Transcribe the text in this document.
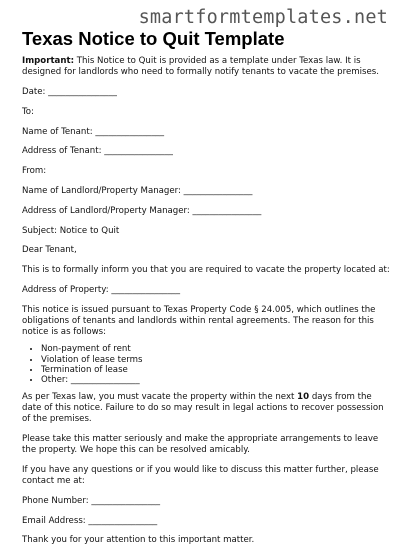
smartformtemplates.net
Texas Notice to Quit Template

Important: This Notice to Quit is provided as a template under Texas law. It is designed for landlords who need to formally notify tenants to vacate the premises.

Date: ________________

To:

Name of Tenant: ________________

Address of Tenant: ________________

From:

Name of Landlord/Property Manager: ________________

Address of Landlord/Property Manager: ________________

Subject: Notice to Quit

Dear Tenant,

This is to formally inform you that you are required to vacate the property located at:

Address of Property: ________________

This notice is issued pursuant to Texas Property Code § 24.005, which outlines the obligations of tenants and landlords within rental agreements. The reason for this notice is as follows:

• Non-payment of rent
• Violation of lease terms
• Termination of lease
• Other: ________________

As per Texas law, you must vacate the property within the next 10 days from the date of this notice. Failure to do so may result in legal actions to recover possession of the premises.

Please take this matter seriously and make the appropriate arrangements to leave the property. We hope this can be resolved amicably.

If you have any questions or if you would like to discuss this matter further, please contact me at:

Phone Number: ________________

Email Address: ________________

Thank you for your attention to this important matter.
